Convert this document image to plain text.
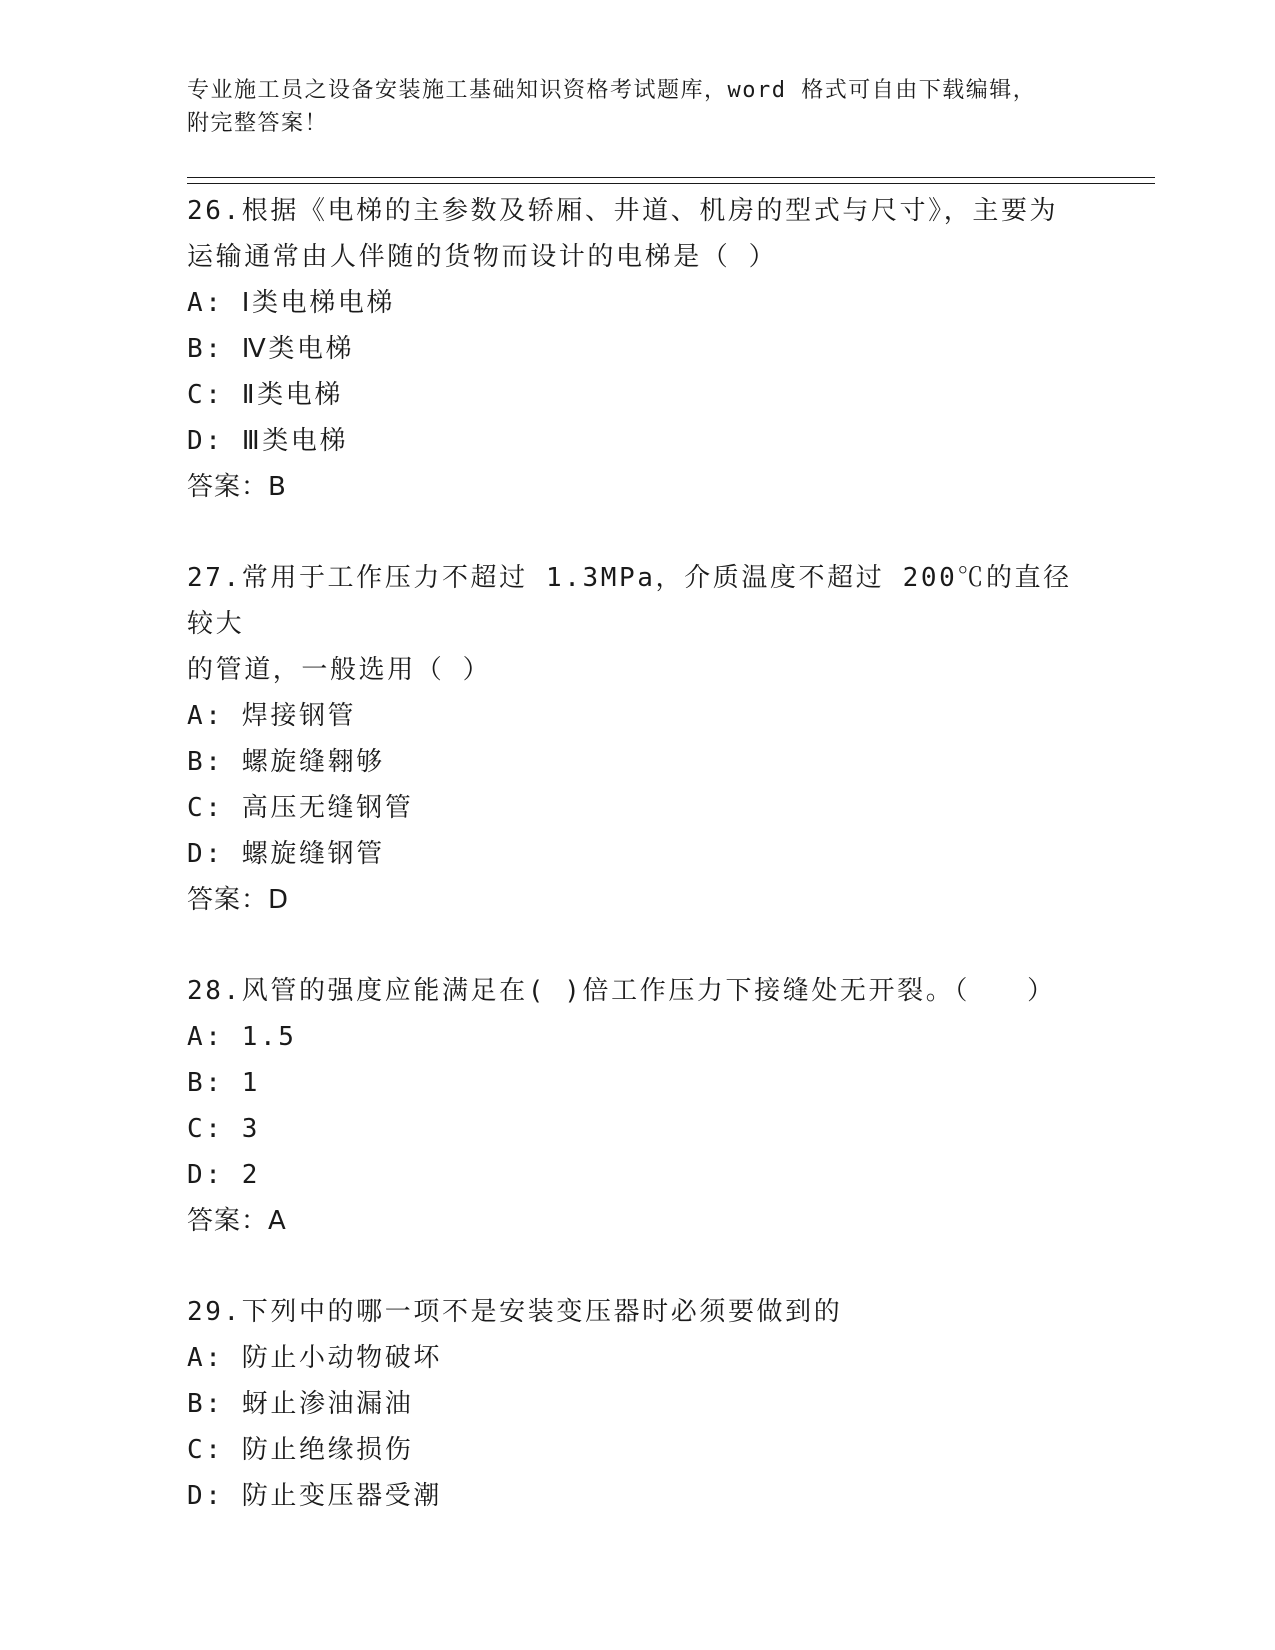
专业施工员之设备安装施工基础知识资格考试题库，word 格式可自由下载编辑，
附完整答案！
26.根据《电梯的主参数及轿厢、井道、机房的型式与尺寸》，主要为
运输通常由人伴随的货物而设计的电梯是（ ）
A: Ⅰ类电梯电梯
B: Ⅳ类电梯
C: Ⅱ类电梯
D: Ⅲ类电梯
答案：B
27.常用于工作压力不超过 1.3MPa，介质温度不超过 200℃的直径较大
的管道，一般选用（ ）
A: 焊接钢管
B: 螺旋缝翱够
C: 高压无缝钢管
D: 螺旋缝钢管
答案：D
28.风管的强度应能满足在( )倍工作压力下接缝处无开裂。（　　）
A: 1.5
B: 1
C: 3
D: 2
答案：A
29.下列中的哪一项不是安装变压器时必须要做到的
A: 防止小动物破坏
B: 蚜止渗油漏油
C: 防止绝缘损伤
D: 防止变压器受潮
